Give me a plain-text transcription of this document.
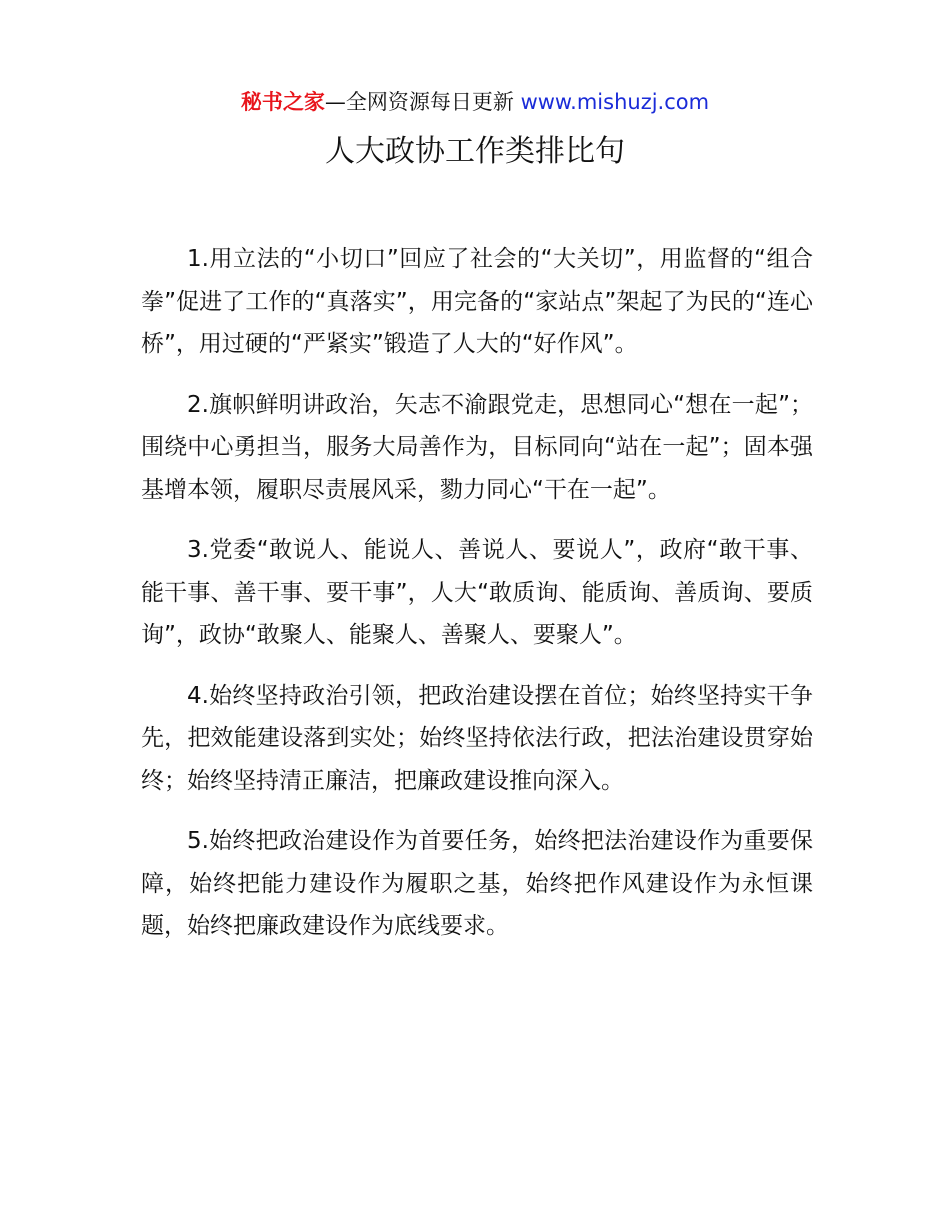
秘书之家—全网资源每日更新 www.mishuzj.com
人大政协工作类排比句

1.用立法的“小切口”回应了社会的“大关切”，用监督的“组合拳”促进了工作的“真落实”，用完备的“家站点”架起了为民的“连心桥”，用过硬的“严紧实”锻造了人大的“好作风”。

2.旗帜鲜明讲政治，矢志不渝跟党走，思想同心“想在一起”；围绕中心勇担当，服务大局善作为，目标同向“站在一起”；固本强基增本领，履职尽责展风采，勠力同心“干在一起”。

3.党委“敢说人、能说人、善说人、要说人”，政府“敢干事、能干事、善干事、要干事”，人大“敢质询、能质询、善质询、要质询”，政协“敢聚人、能聚人、善聚人、要聚人”。

4.始终坚持政治引领，把政治建设摆在首位；始终坚持实干争先，把效能建设落到实处；始终坚持依法行政，把法治建设贯穿始终；始终坚持清正廉洁，把廉政建设推向深入。

5.始终把政治建设作为首要任务，始终把法治建设作为重要保障，始终把能力建设作为履职之基，始终把作风建设作为永恒课题，始终把廉政建设作为底线要求。
